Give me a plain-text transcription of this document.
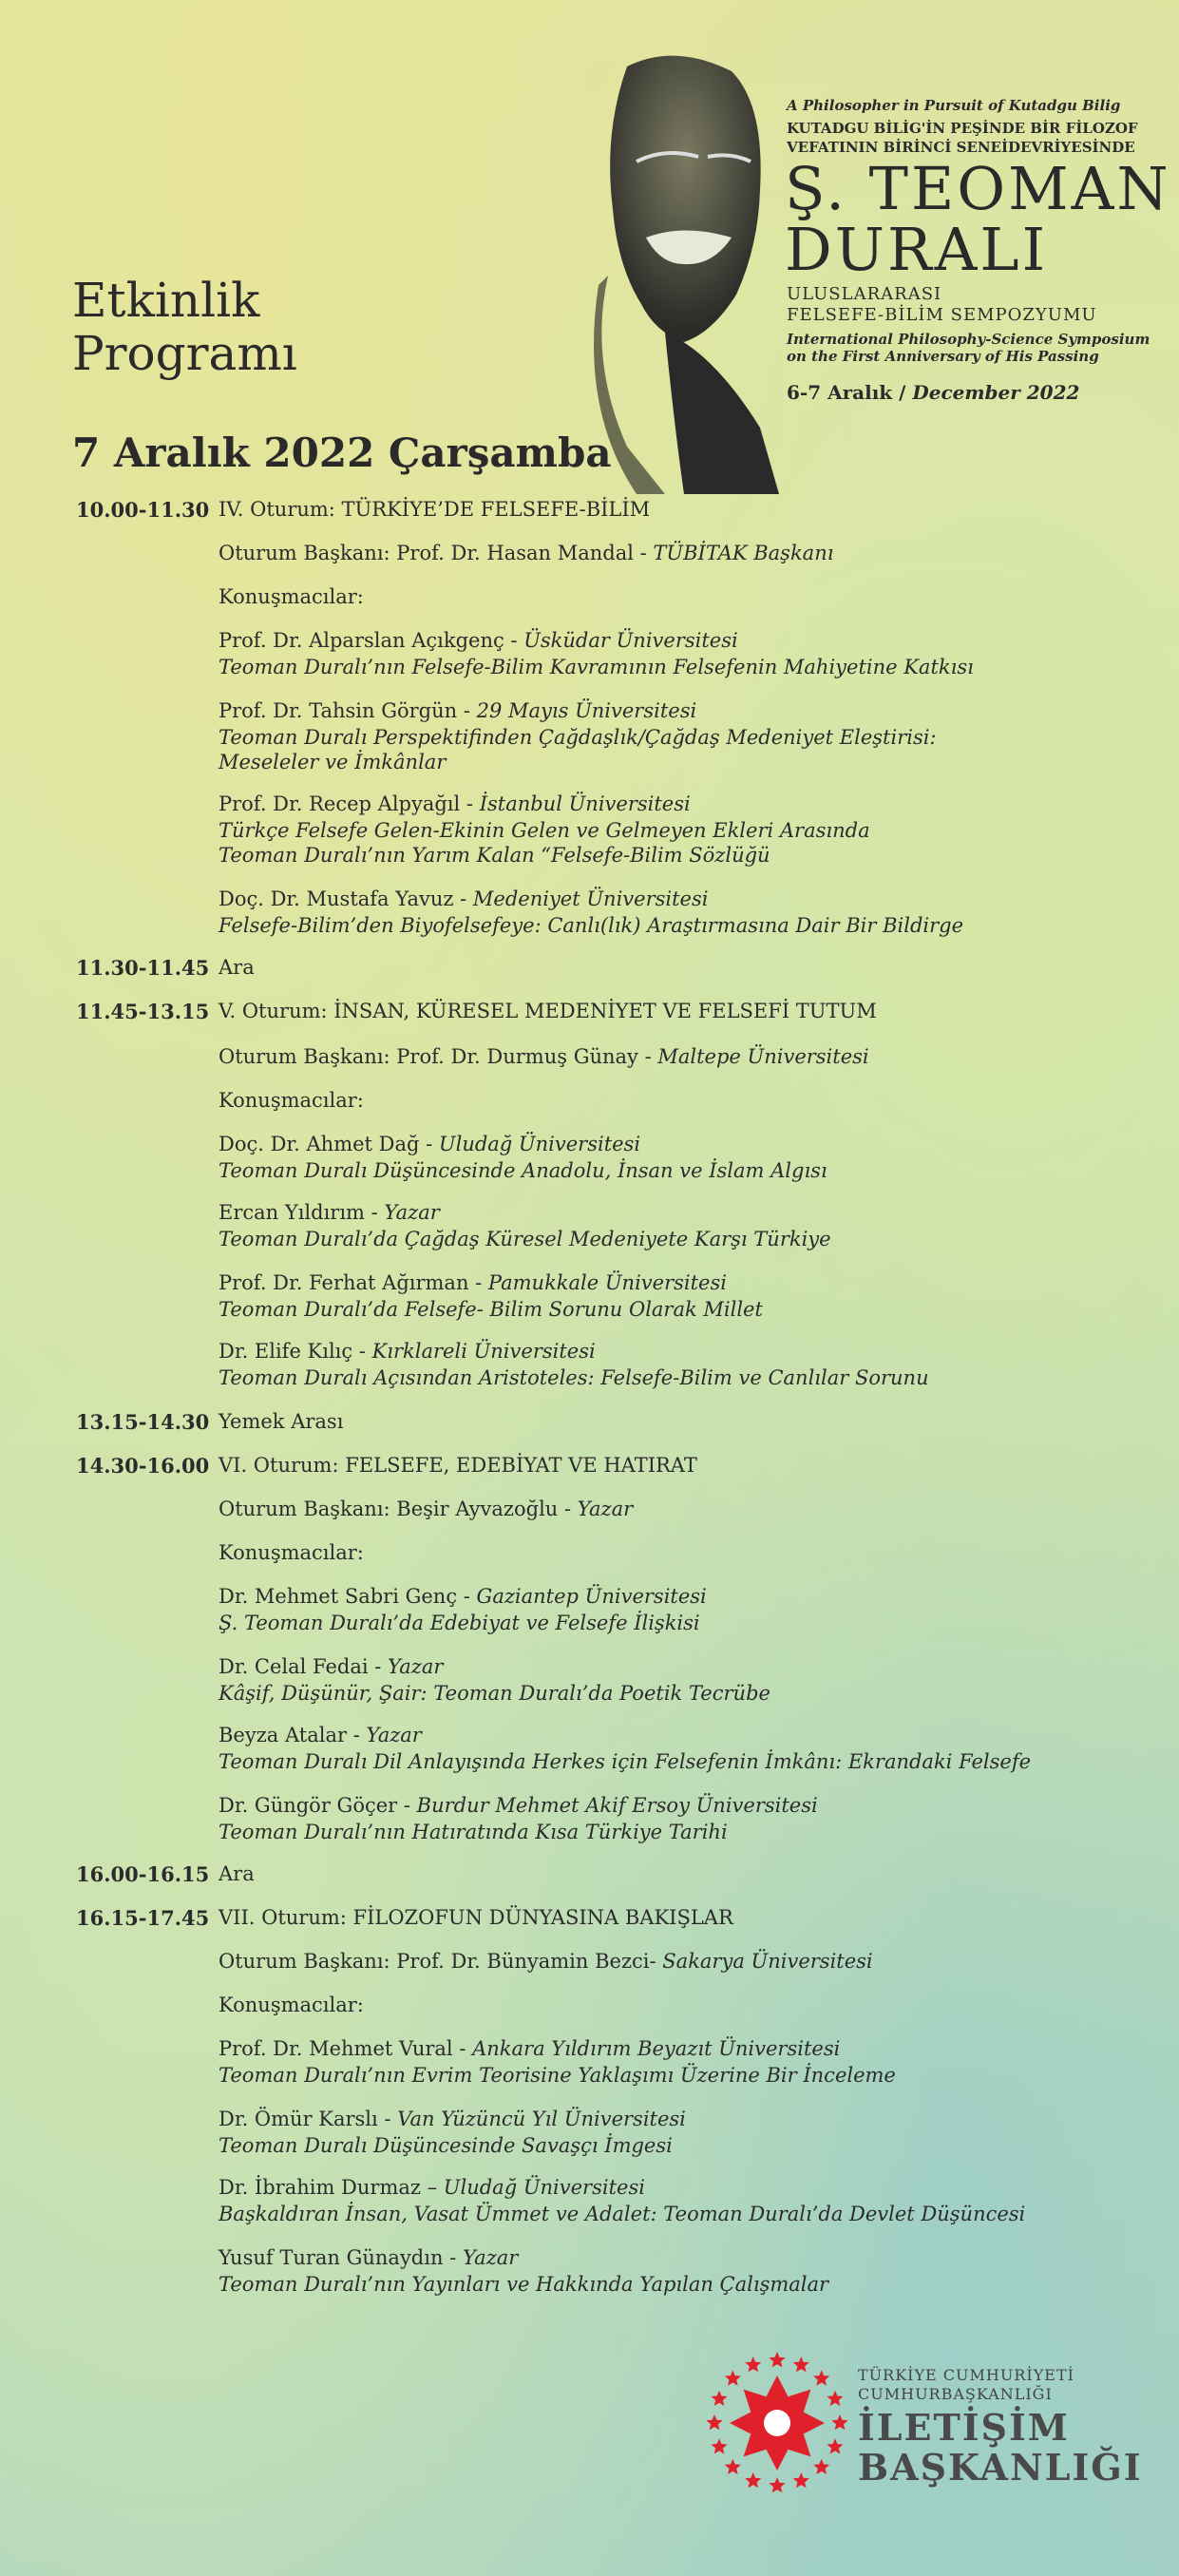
A Philosopher in Pursuit of Kutadgu Bilig
KUTADGU BİLİG'İN PEŞİNDE BİR FİLOZOF
VEFATININ BİRİNCİ SENEİDEVRİYESİNDE
Ş. TEOMAN
DURALI
ULUSLARARASI
FELSEFE-BİLİM SEMPOZYUMU
International Philosophy-Science Symposium
on the First Anniversary of His Passing
6-7 Aralık / December 2022
Etkinlik
Programı
7 Aralık 2022 Çarşamba
10.00-11.30 IV. Oturum: TÜRKİYE’DE FELSEFE-BİLİM
Oturum Başkanı: Prof. Dr. Hasan Mandal - TÜBİTAK Başkanı
Konuşmacılar:
Prof. Dr. Alparslan Açıkgenç - Üsküdar Üniversitesi
Teoman Duralı’nın Felsefe-Bilim Kavramının Felsefenin Mahiyetine Katkısı
Prof. Dr. Tahsin Görgün - 29 Mayıs Üniversitesi
Teoman Duralı Perspektifinden Çağdaşlık/Çağdaş Medeniyet Eleştirisi:
Meseleler ve İmkânlar
Prof. Dr. Recep Alpyağıl - İstanbul Üniversitesi
Türkçe Felsefe Gelen-Ekinin Gelen ve Gelmeyen Ekleri Arasında
Teoman Duralı’nın Yarım Kalan “Felsefe-Bilim Sözlüğü
Doç. Dr. Mustafa Yavuz - Medeniyet Üniversitesi
Felsefe-Bilim’den Biyofelsefeye: Canlı(lık) Araştırmasına Dair Bir Bildirge
11.30-11.45 Ara
11.45-13.15 V. Oturum: İNSAN, KÜRESEL MEDENİYET VE FELSEFİ TUTUM
Oturum Başkanı: Prof. Dr. Durmuş Günay - Maltepe Üniversitesi
Konuşmacılar:
Doç. Dr. Ahmet Dağ - Uludağ Üniversitesi
Teoman Duralı Düşüncesinde Anadolu, İnsan ve İslam Algısı
Ercan Yıldırım - Yazar
Teoman Duralı’da Çağdaş Küresel Medeniyete Karşı Türkiye
Prof. Dr. Ferhat Ağırman - Pamukkale Üniversitesi
Teoman Duralı’da Felsefe- Bilim Sorunu Olarak Millet
Dr. Elife Kılıç - Kırklareli Üniversitesi
Teoman Duralı Açısından Aristoteles: Felsefe-Bilim ve Canlılar Sorunu
13.15-14.30 Yemek Arası
14.30-16.00 VI. Oturum: FELSEFE, EDEBİYAT VE HATIRAT
Oturum Başkanı: Beşir Ayvazoğlu - Yazar
Konuşmacılar:
Dr. Mehmet Sabri Genç - Gaziantep Üniversitesi
Ş. Teoman Duralı’da Edebiyat ve Felsefe İlişkisi
Dr. Celal Fedai - Yazar
Kâşif, Düşünür, Şair: Teoman Duralı’da Poetik Tecrübe
Beyza Atalar - Yazar
Teoman Duralı Dil Anlayışında Herkes için Felsefenin İmkânı: Ekrandaki Felsefe
Dr. Güngör Göçer - Burdur Mehmet Akif Ersoy Üniversitesi
Teoman Duralı’nın Hatıratında Kısa Türkiye Tarihi
16.00-16.15 Ara
16.15-17.45 VII. Oturum: FİLOZOFUN DÜNYASINA BAKIŞLAR
Oturum Başkanı: Prof. Dr. Bünyamin Bezci- Sakarya Üniversitesi
Konuşmacılar:
Prof. Dr. Mehmet Vural - Ankara Yıldırım Beyazıt Üniversitesi
Teoman Duralı’nın Evrim Teorisine Yaklaşımı Üzerine Bir İnceleme
Dr. Ömür Karslı - Van Yüzüncü Yıl Üniversitesi
Teoman Duralı Düşüncesinde Savaşçı İmgesi
Dr. İbrahim Durmaz – Uludağ Üniversitesi
Başkaldıran İnsan, Vasat Ümmet ve Adalet: Teoman Duralı’da Devlet Düşüncesi
Yusuf Turan Günaydın - Yazar
Teoman Duralı’nın Yayınları ve Hakkında Yapılan Çalışmalar
TÜRKİYE CUMHURİYETİ
CUMHURBAŞKANLIĞI
İLETİŞİM
BAŞKANLIĞI
